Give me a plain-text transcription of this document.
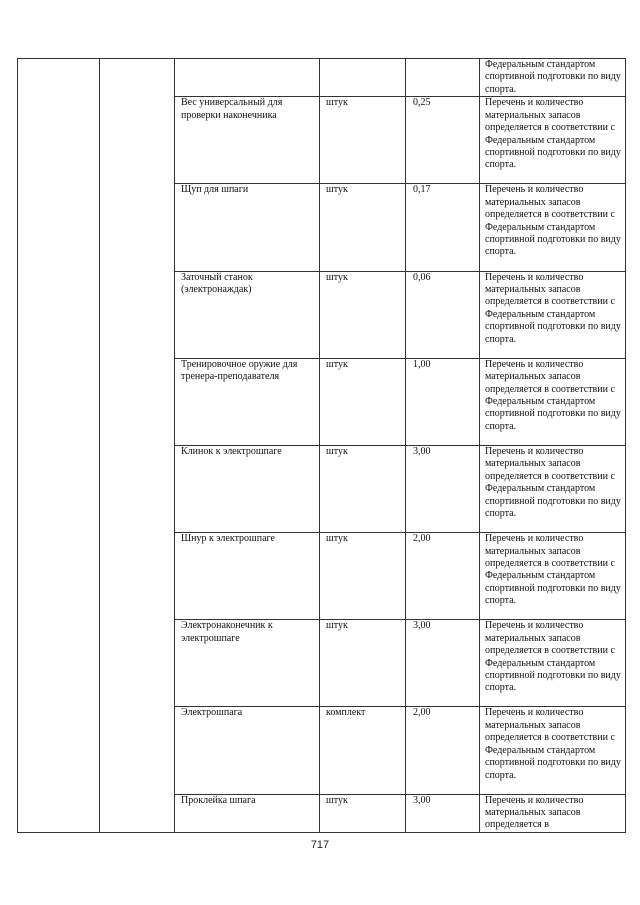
					Федеральным стандартом спортивной подготовки по виду спорта.
		Вес универсальный для проверки наконечника	штук	0,25	Перечень и количество материальных запасов определяется в соответствии с Федеральным стандартом спортивной подготовки по виду спорта.
		Щуп для шпаги	штук	0,17	Перечень и количество материальных запасов определяется в соответствии с Федеральным стандартом спортивной подготовки по виду спорта.
		Заточный станок (электронаждак)	штук	0,06	Перечень и количество материальных запасов определяется в соответствии с Федеральным стандартом спортивной подготовки по виду спорта.
		Тренировочное оружие для тренера-преподавателя	штук	1,00	Перечень и количество материальных запасов определяется в соответствии с Федеральным стандартом спортивной подготовки по виду спорта.
		Клинок к электрошпаге	штук	3,00	Перечень и количество материальных запасов определяется в соответствии с Федеральным стандартом спортивной подготовки по виду спорта.
		Шнур к электрошпаге	штук	2,00	Перечень и количество материальных запасов определяется в соответствии с Федеральным стандартом спортивной подготовки по виду спорта.
		Электронаконечник к электрошпаге	штук	3,00	Перечень и количество материальных запасов определяется в соответствии с Федеральным стандартом спортивной подготовки по виду спорта.
		Электрошпага	комплект	2,00	Перечень и количество материальных запасов определяется в соответствии с Федеральным стандартом спортивной подготовки по виду спорта.
		Проклейка шпага	штук	3,00	Перечень и количество материальных запасов определяется в
717
